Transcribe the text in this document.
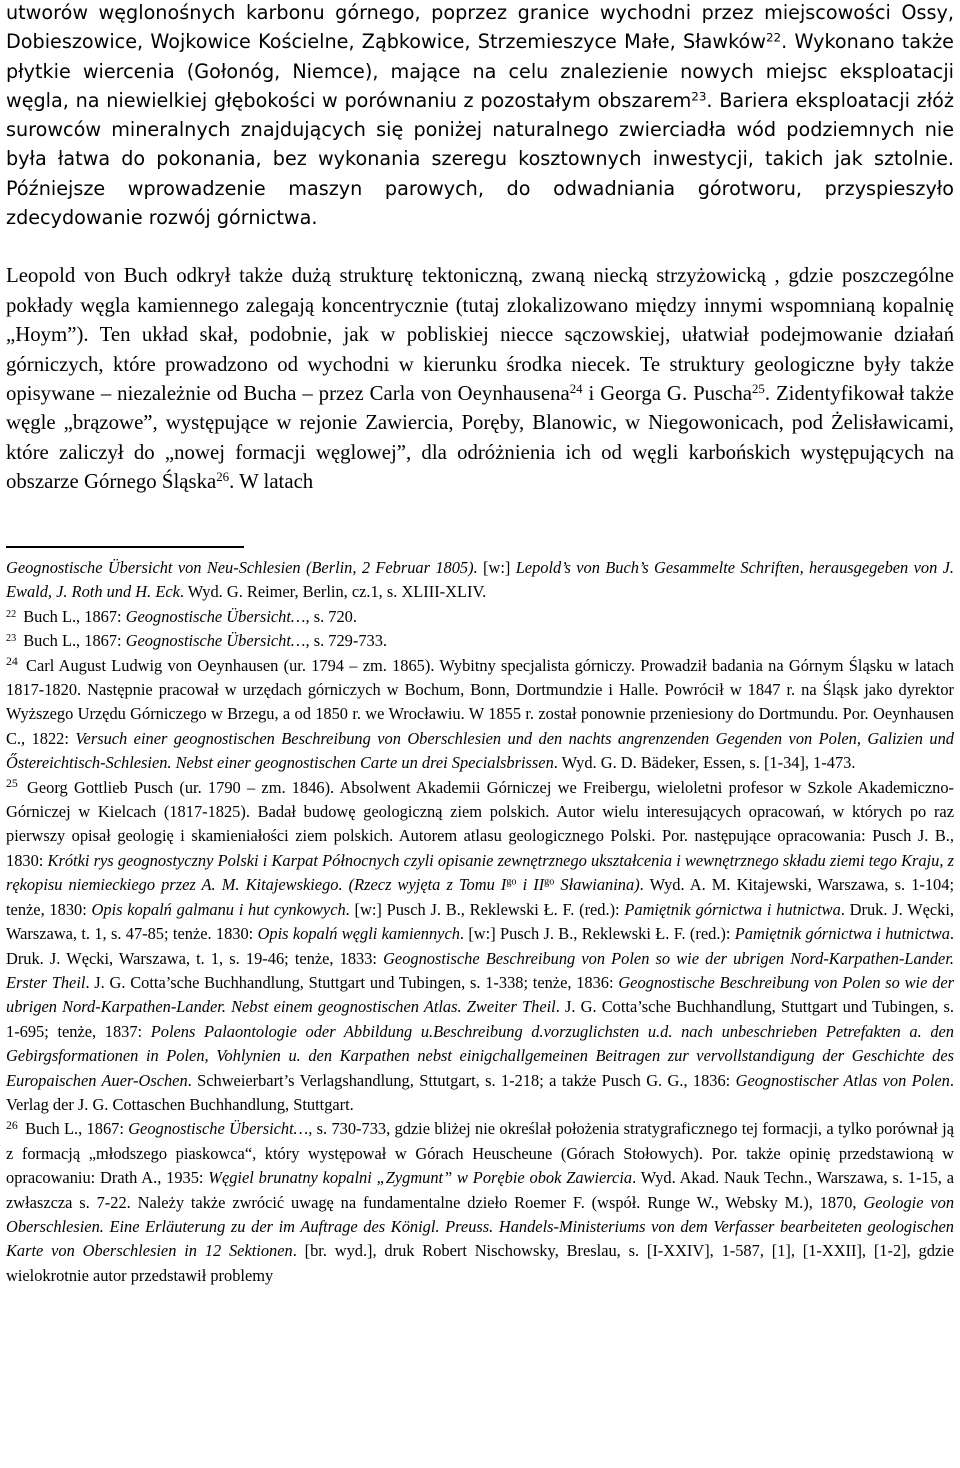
utworów węglonośnych karbonu górnego, poprzez granice wychodni przez miejscowości Ossy, Dobieszowice, Wojkowice Kościelne, Ząbkowice, Strzemieszyce Małe, Sławków$^{22}$. Wykonano także płytkie wiercenia (Gołonóg, Niemce), mające na celu znalezienie nowych miejsc eksploatacji węgla, na niewielkiej głębokości w porównaniu z pozostałym obszarem$^{23}$. Bariera eksploatacji złóż surowców mineralnych znajdujących się poniżej naturalnego zwierciadła wód podziemnych nie była łatwa do pokonania, bez wykonania szeregu kosztownych inwestycji, takich jak sztolnie. Późniejsze wprowadzenie maszyn parowych, do odwadniania górotworu, przyspieszyło zdecydowanie rozwój górnictwa.

Leopold von Buch odkrył także dużą strukturę tektoniczną, zwaną niecką strzyżowicką , gdzie poszczególne pokłady węgla kamiennego zalegają koncentrycznie (tutaj zlokalizowano między innymi wspomnianą kopalnię „Hoym”). Ten układ skał, podobnie, jak w pobliskiej niecce sączowskiej, ułatwiał podejmowanie działań górniczych, które prowadzono od wychodni w kierunku środka niecek. Te struktury geologiczne były także opisywane – niezależnie od Bucha – przez Carla von Oeynhausena$^{24}$ i Georga G. Puscha$^{25}$. Zidentyfikował także węgle „brązowe”, występujące w rejonie Zawiercia, Poręby, Blanowic, w Niegowonicach, pod Żelisławicami, które zaliczył do „nowej formacji węglowej”, dla odróżnienia ich od węgli karbońskich występujących na obszarze Górnego Śląska$^{26}$. W latach

Geognostische Übersicht von Neu-Schlesien (Berlin, 2 Februar 1805). [w:] Lepold’s von Buch’s Gesammelte Schriften, herausgegeben von J. Ewald, J. Roth und H. Eck. Wyd. G. Reimer, Berlin, cz.1, s. XLIII-XLIV.

$^{22}$ Buch L., 1867: Geognostische Übersicht…, s. 720.

$^{23}$ Buch L., 1867: Geognostische Übersicht…, s. 729-733.

$^{24}$ Carl August Ludwig von Oeynhausen (ur. 1794 – zm. 1865). Wybitny specjalista górniczy. Prowadził badania na Górnym Śląsku w latach 1817-1820. Następnie pracował w urzędach górniczych w Bochum, Bonn, Dortmundzie i Halle. Powrócił w 1847 r. na Śląsk jako dyrektor Wyższego Urzędu Górniczego w Brzegu, a od 1850 r. we Wrocławiu. W 1855 r. został ponownie przeniesiony do Dortmundu. Por. Oeynhausen C., 1822: Versuch einer geognostischen Beschreibung von Oberschlesien und den nachts angrenzenden Gegenden von Polen, Galizien und Őstereichtisch-Schlesien. Nebst einer geognostischen Carte un drei Specialsbrissen. Wyd. G. D. Bädeker, Essen, s. [1-34], 1-473.

$^{25}$ Georg Gottlieb Pusch (ur. 1790 – zm. 1846). Absolwent Akademii Górniczej we Freibergu, wieloletni profesor w Szkole Akademiczno-Górniczej w Kielcach (1817-1825). Badał budowę geologiczną ziem polskich. Autor wielu interesujących opracowań, w których po raz pierwszy opisał geologię i skamieniałości ziem polskich. Autorem atlasu geologicznego Polski. Por. następujące opracowania: Pusch J. B., 1830: Krótki rys geognostyczny Polski i Karpat Północnych czyli opisanie zewnętrznego ukształcenia i wewnętrznego składu ziemi tego Kraju, z rękopisu niemieckiego przez A. M. Kitajewskiego. (Rzecz wyjęta z Tomu $I^{go}$ i $II^{go}$ Sławianina). Wyd. A. M. Kitajewski, Warszawa, s. 1-104; tenże, 1830: Opis kopalń galmanu i hut cynkowych. [w:] Pusch J. B., Reklewski Ł. F. (red.): Pamiętnik górnictwa i hutnictwa. Druk. J. Węcki, Warszawa, t. 1, s. 47-85; tenże. 1830: Opis kopalń węgli kamiennych. [w:] Pusch J. B., Reklewski Ł. F. (red.): Pamiętnik górnictwa i hutnictwa. Druk. J. Węcki, Warszawa, t. 1, s. 19-46; tenże, 1833: Geognostische Beschreibung von Polen so wie der ubrigen Nord-Karpathen-Lander. Erster Theil. J. G. Cotta’sche Buchhandlung, Stuttgart und Tubingen, s. 1-338; tenże, 1836: Geognostische Beschreibung von Polen so wie der ubrigen Nord-Karpathen-Lander. Nebst einem geognostischen Atlas. Zweiter Theil. J. G. Cotta’sche Buchhandlung, Stuttgart und Tubingen, s. 1-695; tenże, 1837: Polens Palaontologie oder Abbildung u.Beschreibung d.vorzuglichsten u.d. nach unbeschrieben Petrefakten a. den Gebirgsformationen in Polen, Vohlynien u. den Karpathen nebst einigchallgemeinen Beitragen zur vervollstandigung der Geschichte des Europaischen Auer-Oschen. Schweierbart’s Verlagshandlung, Sttutgart, s. 1-218; a także Pusch G. G., 1836: Geognostischer Atlas von Polen. Verlag der J. G. Cottaschen Buchhandlung, Stuttgart.

$^{26}$ Buch L., 1867: Geognostische Übersicht…, s. 730-733, gdzie bliżej nie określał położenia stratygraficznego tej formacji, a tylko porównał ją z formacją „młodszego piaskowca“, który występował w Górach Heuscheune (Górach Stołowych). Por. także opinię przedstawioną w opracowaniu: Drath A., 1935: Węgiel brunatny kopalni „Zygmunt” w Porębie obok Zawiercia. Wyd. Akad. Nauk Techn., Warszawa, s. 1-15, a zwłaszcza s. 7-22. Należy także zwrócić uwagę na fundamentalne dzieło Roemer F. (współ. Runge W., Websky M.), 1870, Geologie von Oberschlesien. Eine Erläuterung zu der im Auftrage des Königl. Preuss. Handels-Ministeriums von dem Verfasser bearbeiteten geologischen Karte von Oberschlesien in 12 Sektionen. [br. wyd.], druk Robert Nischowsky, Breslau, s. [I-XXIV], 1-587, [1], [1-XXII], [1-2], gdzie wielokrotnie autor przedstawił problemy
